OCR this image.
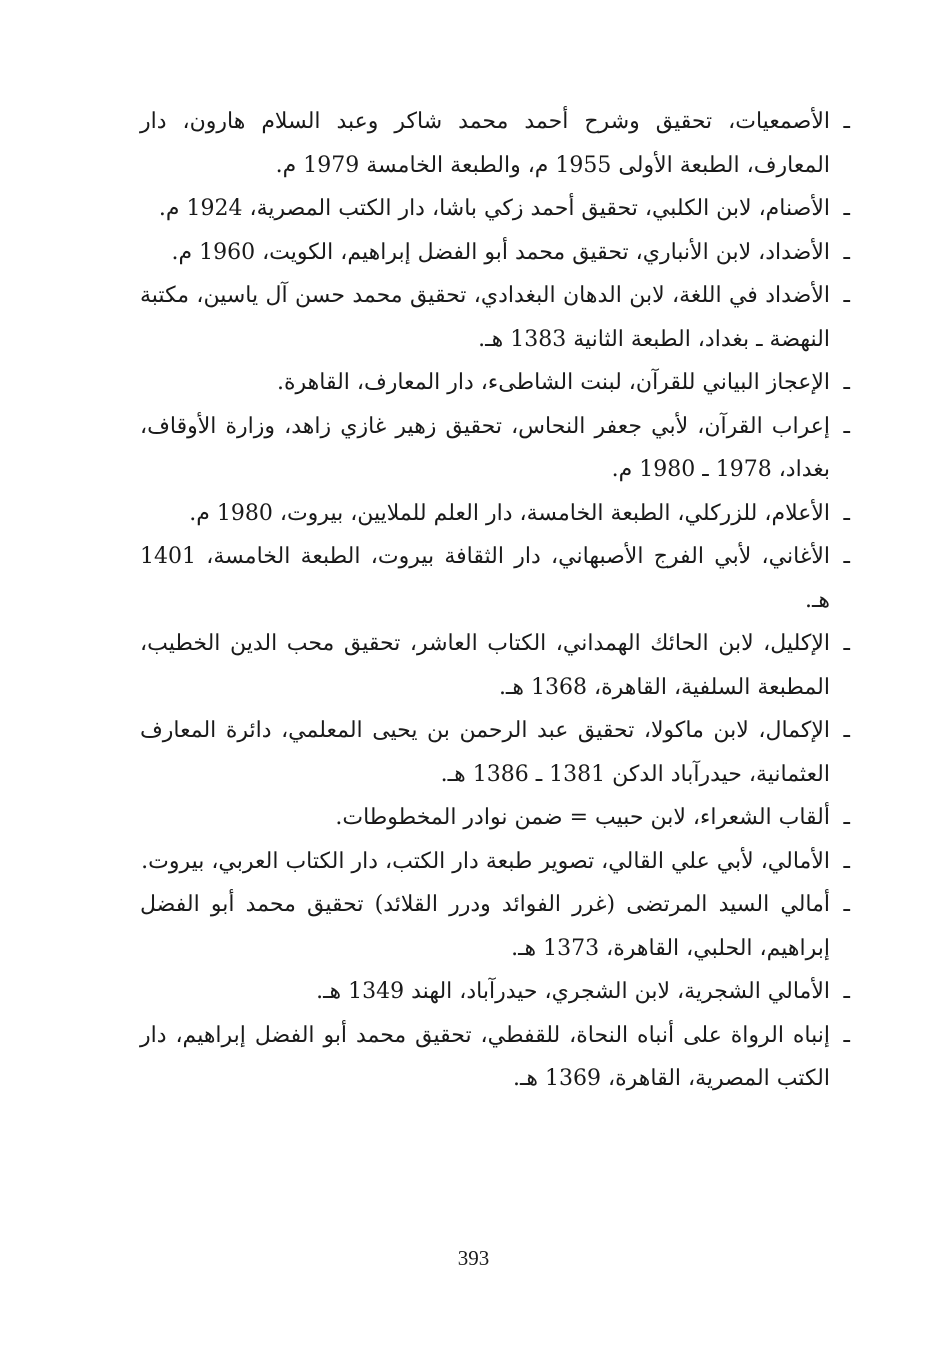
ـ
الأصمعيات، تحقيق وشرح أحمد محمد شاكر وعبد السلام هارون، دار المعارف، الطبعة الأولى 1955 م، والطبعة الخامسة 1979 م.
ـ
الأصنام، لابن الكلبي، تحقيق أحمد زكي باشا، دار الكتب المصرية، 1924 م.
ـ
الأضداد، لابن الأنباري، تحقيق محمد أبو الفضل إبراهيم، الكويت، 1960 م.
ـ
الأضداد في اللغة، لابن الدهان البغدادي، تحقيق محمد حسن آل ياسين، مكتبة النهضة ـ بغداد، الطبعة الثانية 1383 هـ.
ـ
الإعجاز البياني للقرآن، لبنت الشاطىء، دار المعارف، القاهرة.
ـ
إعراب القرآن، لأبي جعفر النحاس، تحقيق زهير غازي زاهد، وزارة الأوقاف، بغداد، 1978 ـ 1980 م.
ـ
الأعلام، للزركلي، الطبعة الخامسة، دار العلم للملايين، بيروت، 1980 م.
ـ
الأغاني، لأبي الفرج الأصبهاني، دار الثقافة بيروت، الطبعة الخامسة، 1401 هـ.
ـ
الإكليل، لابن الحائك الهمداني، الكتاب العاشر، تحقيق محب الدين الخطيب، المطبعة السلفية، القاهرة، 1368 هـ.
ـ
الإكمال، لابن ماكولا، تحقيق عبد الرحمن بن يحيى المعلمي، دائرة المعارف العثمانية، حيدرآباد الدكن 1381 ـ 1386 هـ.
ـ
ألقاب الشعراء، لابن حبيب = ضمن نوادر المخطوطات.
ـ
الأمالي، لأبي علي القالي، تصوير طبعة دار الكتب، دار الكتاب العربي، بيروت.
ـ
أمالي السيد المرتضى (غرر الفوائد ودرر القلائد) تحقيق محمد أبو الفضل إبراهيم، الحلبي، القاهرة، 1373 هـ.
ـ
الأمالي الشجرية، لابن الشجري، حيدرآباد، الهند 1349 هـ.
ـ
إنباه الرواة على أنباه النحاة، للقفطي، تحقيق محمد أبو الفضل إبراهيم، دار الكتب المصرية، القاهرة، 1369 هـ.
393
